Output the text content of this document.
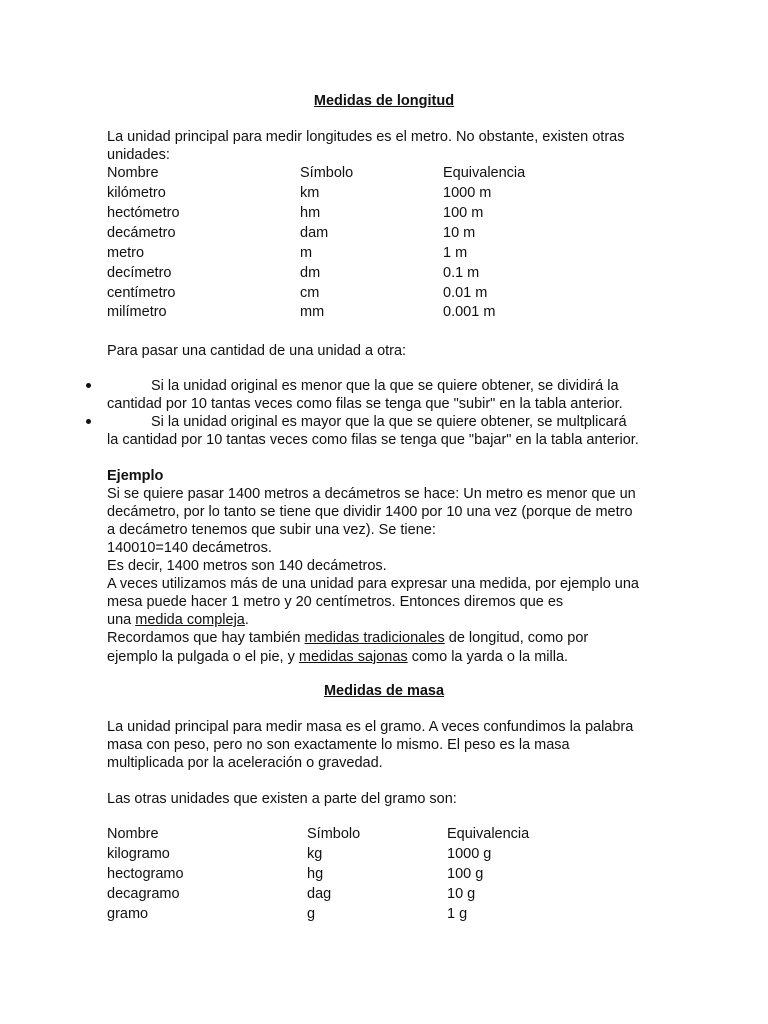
Medidas de longitud
La unidad principal para medir longitudes es el metro. No obstante, existen otras
unidades:
Nombre	Símbolo	Equivalencia
kilómetro	km	1000 m
hectómetro	hm	100 m
decámetro	dam	10 m
metro	m	1 m
decímetro	dm	0.1 m
centímetro	cm	0.01 m
milímetro	mm	0.001 m
Para pasar una cantidad de una unidad a otra:
Si la unidad original es menor que la que se quiere obtener, se dividirá la
cantidad por 10 tantas veces como filas se tenga que "subir" en la tabla anterior.
Si la unidad original es mayor que la que se quiere obtener, se multplicará
la cantidad por 10 tantas veces como filas se tenga que "bajar" en la tabla anterior.
Ejemplo
Si se quiere pasar 1400 metros a decámetros se hace: Un metro es menor que un
decámetro, por lo tanto se tiene que dividir 1400 por 10 una vez (porque de metro
a decámetro tenemos que subir una vez). Se tiene:
140010=140 decámetros.
Es decir, 1400 metros son 140 decámetros.
A veces utilizamos más de una unidad para expresar una medida, por ejemplo una
mesa puede hacer 1 metro y 20 centímetros. Entonces diremos que es
una medida compleja.
Recordamos que hay también medidas tradicionales de longitud, como por
ejemplo la pulgada o el pie, y medidas sajonas como la yarda o la milla.
Medidas de masa
La unidad principal para medir masa es el gramo. A veces confundimos la palabra
masa con peso, pero no son exactamente lo mismo. El peso es la masa
multiplicada por la aceleración o gravedad.
Las otras unidades que existen a parte del gramo son:
Nombre	Símbolo	Equivalencia
kilogramo	kg	1000 g
hectogramo	hg	100 g
decagramo	dag	10 g
gramo	g	1 g
